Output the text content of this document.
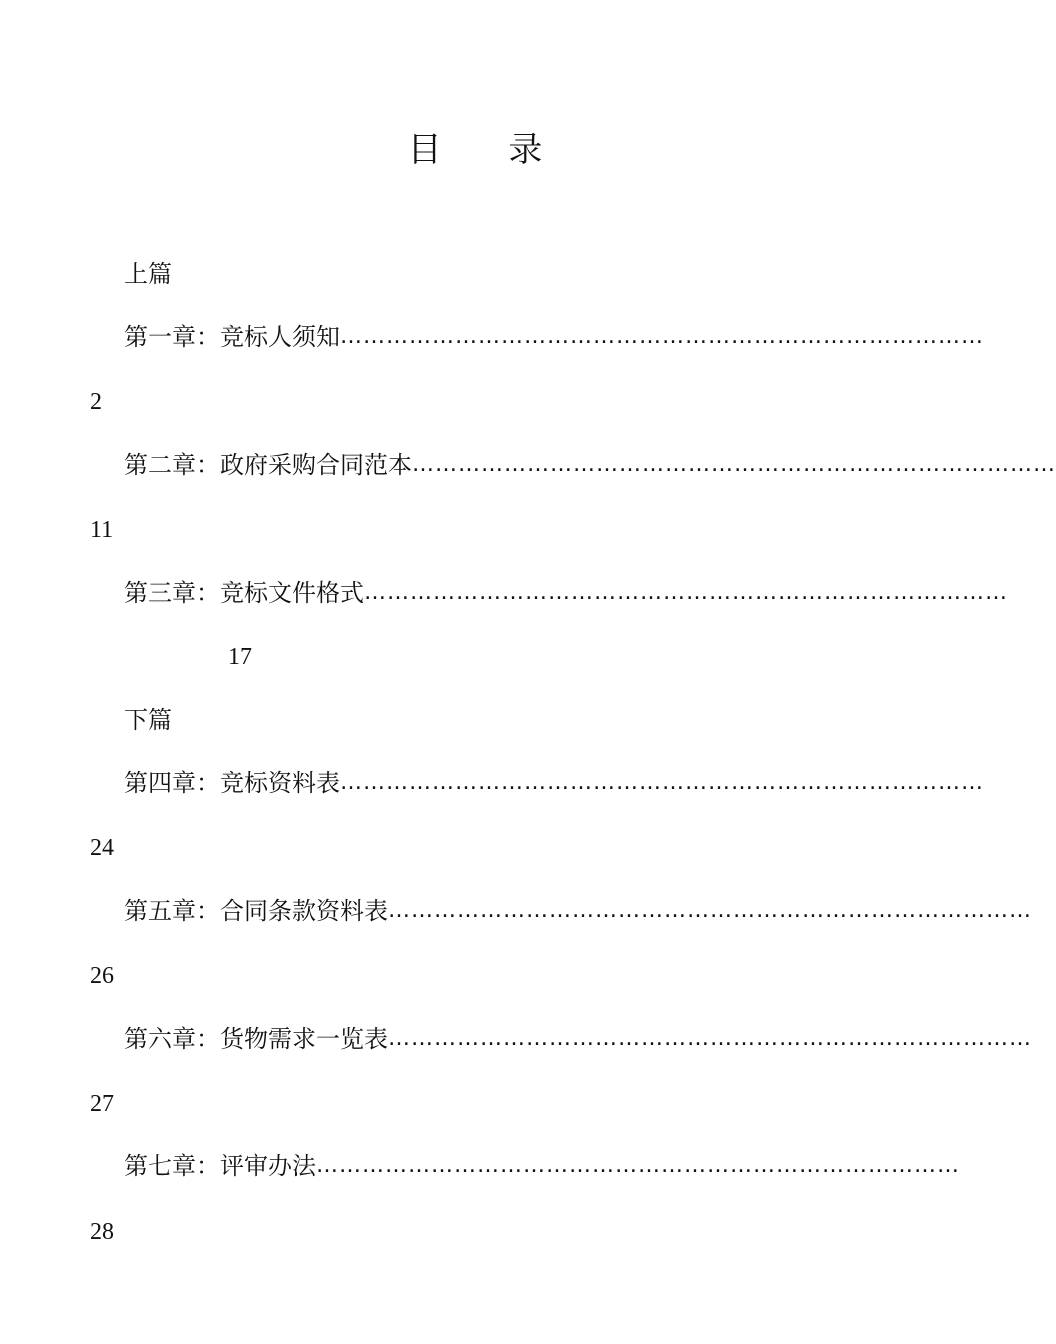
目 录
上篇
第一章：竞标人须知 …………………………………………………………………………
2
第二章：政府采购合同范本 …………………………………………………………………………
11
第三章：竞标文件格式 …………………………………………………………………………
17
下篇
第四章：竞标资料表 …………………………………………………………………………
24
第五章：合同条款资料表 …………………………………………………………………………
26
第六章：货物需求一览表 …………………………………………………………………………
27
第七章：评审办法 …………………………………………………………………………
28
